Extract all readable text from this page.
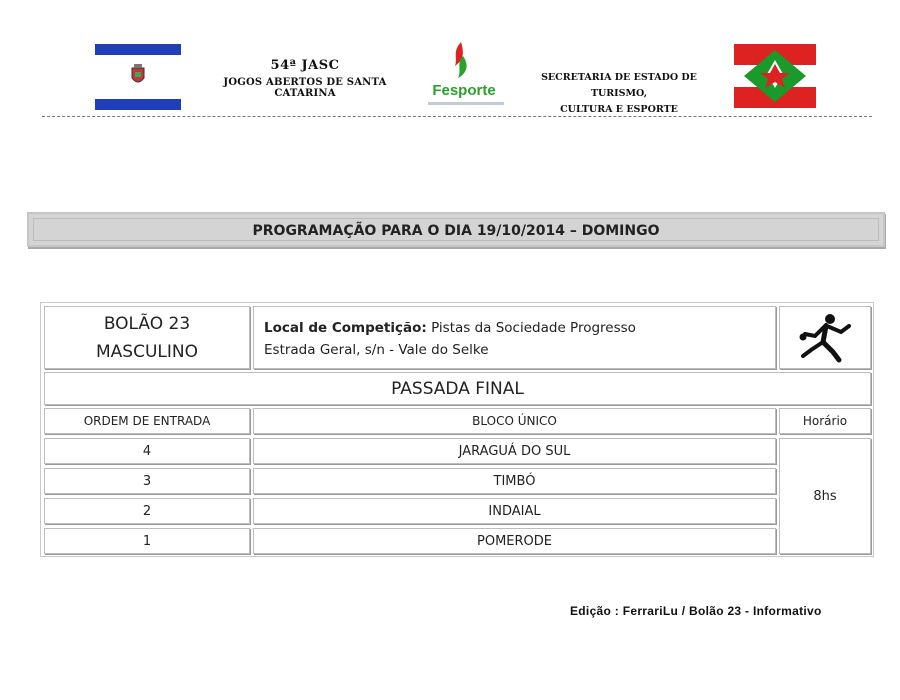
54ª JASC
JOGOS ABERTOS DE SANTA CATARINA	Fesporte
SECRETARIA DE ESTADO DE TURISMO,
CULTURA E ESPORTE
PROGRAMAÇÃO PARA O DIA 19/10/2014 – DOMINGO
BOLÃO 23
MASCULINO
Local de Competição: Pistas da Sociedade Progresso
Estrada Geral, s/n - Vale do Selke
PASSADA FINAL
ORDEM DE ENTRADA	BLOCO ÚNICO	Horário
4	JARAGUÁ DO SUL
3	TIMBÓ
2	INDAIAL
1	POMERODE
8hs
Edição : FerrariLu / Bolão 23 - Informativo
